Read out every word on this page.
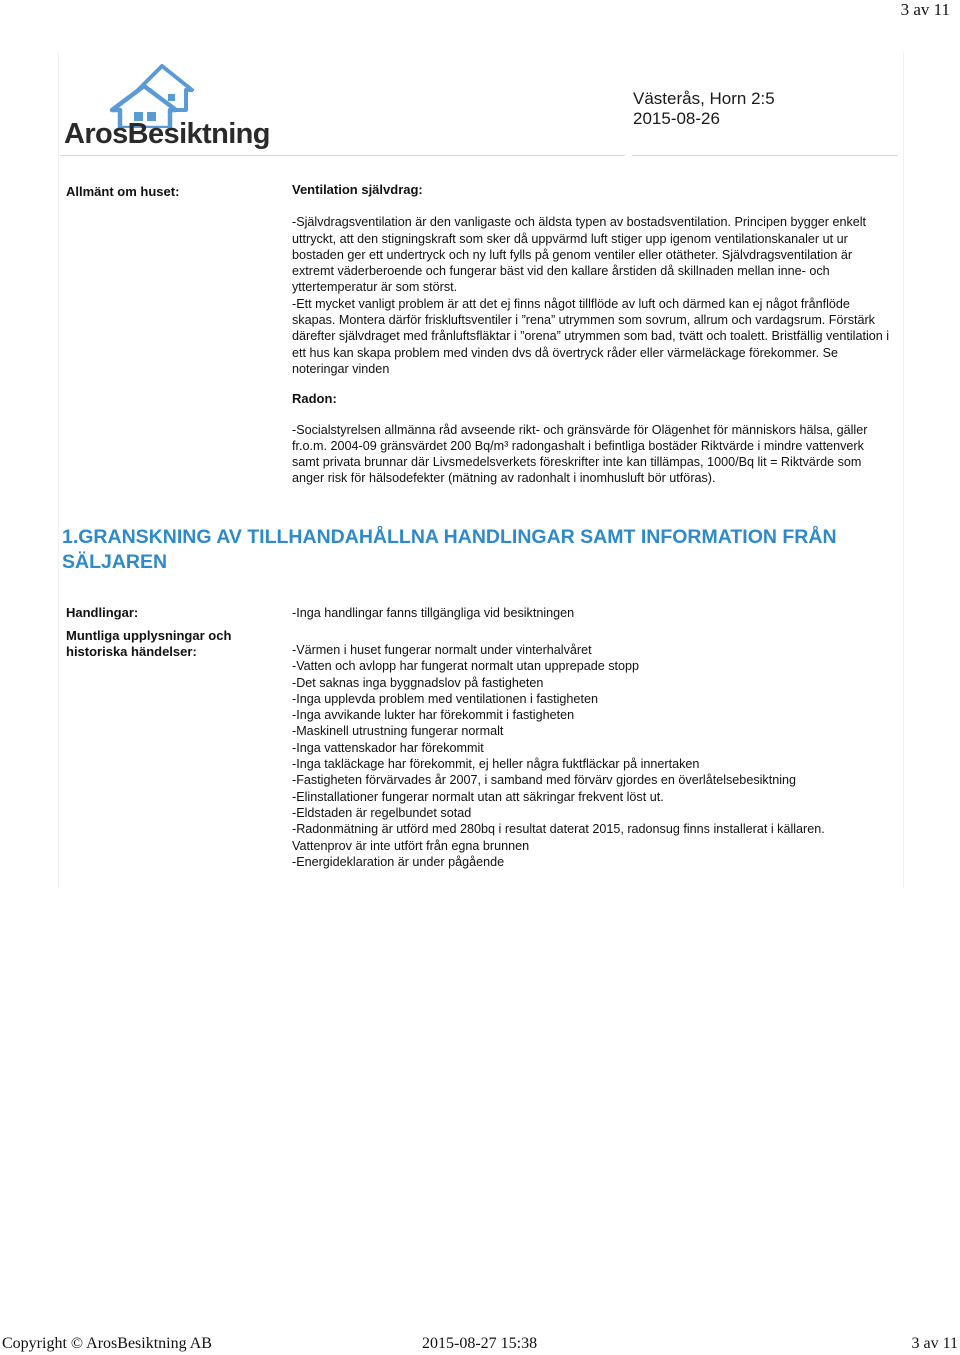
3 av 11
ArosBesiktning
Västerås, Horn 2:5
2015-08-26
Allmänt om huset:	Ventilation självdrag:

-Självdragsventilation är den vanligaste och äldsta typen av bostadsventilation. Principen bygger enkelt uttryckt, att den stigningskraft som sker då uppvärmd luft stiger upp igenom ventilationskanaler ut ur bostaden ger ett undertryck och ny luft fylls på genom ventiler eller otätheter. Självdragsventilation är extremt väderberoende och fungerar bäst vid den kallare årstiden då skillnaden mellan inne- och yttertemperatur är som störst.

-Ett mycket vanligt problem är att det ej finns något tillflöde av luft och därmed kan ej något frånflöde skapas. Montera därför friskluftsventiler i ”rena” utrymmen som sovrum, allrum och vardagsrum. Förstärk därefter självdraget med frånluftsfläktar i ”orena” utrymmen som bad, tvätt och toalett. Bristfällig ventilation i ett hus kan skapa problem med vinden dvs då övertryck råder eller värmeläckage förekommer. Se noteringar vinden

Radon:

-Socialstyrelsen allmänna råd avseende rikt- och gränsvärde för Olägenhet för människors hälsa, gäller fr.o.m. 2004-09 gränsvärdet 200 Bq/m³ radongashalt i befintliga bostäder Riktvärde i mindre vattenverk samt privata brunnar där Livsmedelsverkets föreskrifter inte kan tillämpas, 1000/Bq lit = Riktvärde som anger risk för hälsodefekter (mätning av radonhalt i inomhusluft bör utföras).

1.GRANSKNING AV TILLHANDAHÅLLNA HANDLINGAR SAMT INFORMATION FRÅN SÄLJAREN
Handlingar:	-Inga handlingar fanns tillgängliga vid besiktningen
Muntliga upplysningar och historiska händelser:	-Värmen i huset fungerar normalt under vinterhalvåret
-Vatten och avlopp har fungerat normalt utan upprepade stopp
-Det saknas inga byggnadslov på fastigheten
-Inga upplevda problem med ventilationen i fastigheten
-Inga avvikande lukter har förekommit i fastigheten
-Maskinell utrustning fungerar normalt
-Inga vattenskador har förekommit
-Inga takläckage har förekommit, ej heller några fuktfläckar på innertaken
-Fastigheten förvärvades år 2007, i samband med förvärv gjordes en överlåtelsebesiktning
-Elinstallationer fungerar normalt utan att säkringar frekvent löst ut.
-Eldstaden är regelbundet sotad
-Radonmätning är utförd med 280bq i resultat daterat 2015, radonsug finns installerat i källaren.
Vattenprov är inte utfört från egna brunnen
-Energideklaration är under pågående
Copyright © ArosBesiktning AB	2015-08-27 15:38	3 av 11
